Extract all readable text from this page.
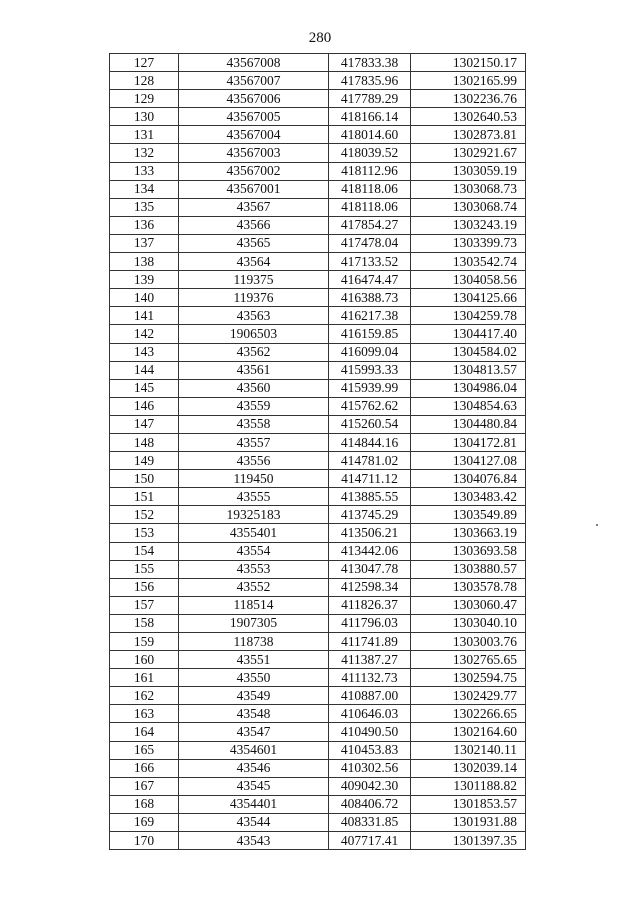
280
127	43567008	417833.38	1302150.17
128	43567007	417835.96	1302165.99
129	43567006	417789.29	1302236.76
130	43567005	418166.14	1302640.53
131	43567004	418014.60	1302873.81
132	43567003	418039.52	1302921.67
133	43567002	418112.96	1303059.19
134	43567001	418118.06	1303068.73
135	43567	418118.06	1303068.74
136	43566	417854.27	1303243.19
137	43565	417478.04	1303399.73
138	43564	417133.52	1303542.74
139	119375	416474.47	1304058.56
140	119376	416388.73	1304125.66
141	43563	416217.38	1304259.78
142	1906503	416159.85	1304417.40
143	43562	416099.04	1304584.02
144	43561	415993.33	1304813.57
145	43560	415939.99	1304986.04
146	43559	415762.62	1304854.63
147	43558	415260.54	1304480.84
148	43557	414844.16	1304172.81
149	43556	414781.02	1304127.08
150	119450	414711.12	1304076.84
151	43555	413885.55	1303483.42
152	19325183	413745.29	1303549.89
153	4355401	413506.21	1303663.19
154	43554	413442.06	1303693.58
155	43553	413047.78	1303880.57
156	43552	412598.34	1303578.78
157	118514	411826.37	1303060.47
158	1907305	411796.03	1303040.10
159	118738	411741.89	1303003.76
160	43551	411387.27	1302765.65
161	43550	411132.73	1302594.75
162	43549	410887.00	1302429.77
163	43548	410646.03	1302266.65
164	43547	410490.50	1302164.60
165	4354601	410453.83	1302140.11
166	43546	410302.56	1302039.14
167	43545	409042.30	1301188.82
168	4354401	408406.72	1301853.57
169	43544	408331.85	1301931.88
170	43543	407717.41	1301397.35
